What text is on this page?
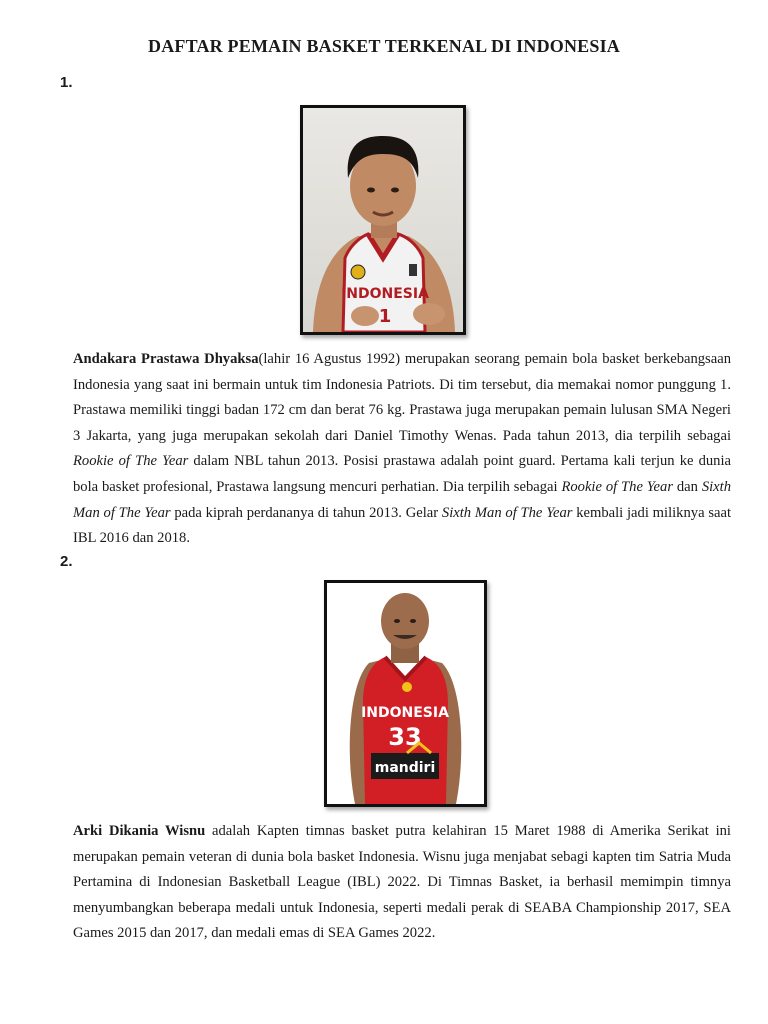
DAFTAR PEMAIN BASKET TERKENAL DI INDONESIA
1.
INDONESIA
1
Andakara Prastawa Dhyaksa(lahir 16 Agustus 1992) merupakan seorang pemain bola basket berkebangsaan Indonesia yang saat ini bermain untuk tim Indonesia Patriots. Di tim tersebut, dia memakai nomor punggung 1. Prastawa memiliki tinggi badan 172 cm dan berat 76 kg. Prastawa juga merupakan pemain lulusan SMA Negeri 3 Jakarta, yang juga merupakan sekolah dari Daniel Timothy Wenas. Pada tahun 2013, dia terpilih sebagai Rookie of The Year dalam NBL tahun 2013. Posisi prastawa adalah point guard. Pertama kali terjun ke dunia bola basket profesional, Prastawa langsung mencuri perhatian. Dia terpilih sebagai Rookie of The Year dan Sixth Man of The Year pada kiprah perdananya di tahun 2013. Gelar Sixth Man of The Year kembali jadi miliknya saat IBL 2016 dan 2018.
2.
INDONESIA
33
mandiri
Arki Dikania Wisnu adalah Kapten timnas basket putra kelahiran 15 Maret 1988 di Amerika Serikat ini merupakan pemain veteran di dunia bola basket Indonesia. Wisnu juga menjabat sebagi kapten tim Satria Muda Pertamina di Indonesian Basketball League (IBL) 2022. Di Timnas Basket, ia berhasil memimpin timnya menyumbangkan beberapa medali untuk Indonesia, seperti medali perak di SEABA Championship 2017, SEA Games 2015 dan 2017, dan medali emas di SEA Games 2022.
